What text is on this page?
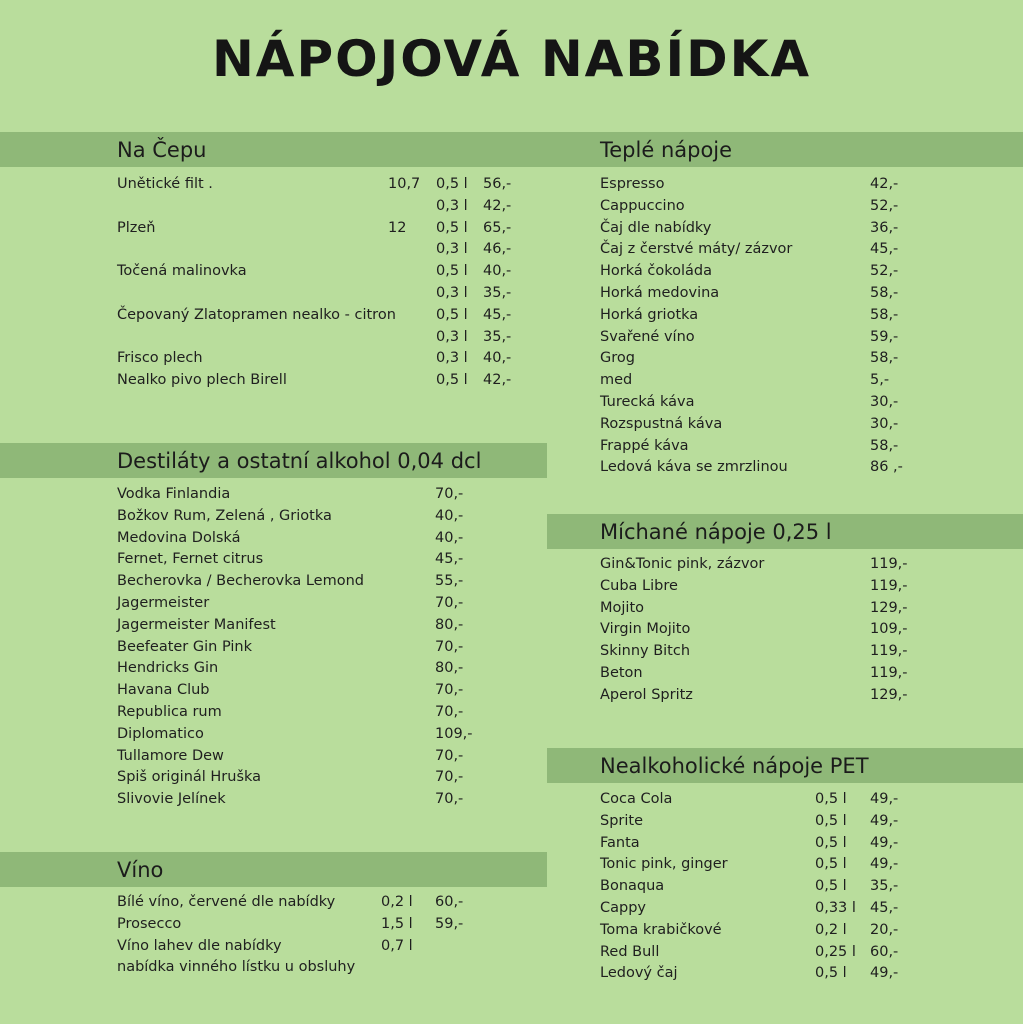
NÁPOJOVÁ NABÍDKA
Na Čepu	Teplé nápoje
Destiláty a ostatní alkohol 0,04 dcl
Míchané nápoje 0,25 l
Nealkoholické nápoje PET
Víno
Unětické filt .	10,7 0,5 l 56,-
0,3 l 42,-
Plzeň	12 0,5 l 65,-
0,3 l 46,-
Točená malinovka	0,5 l 40,-
0,3 l 35,-
Čepovaný Zlatopramen nealko - citron	0,5 l 45,-
0,3 l 35,-
Frisco plech	0,3 l 40,-
Nealko pivo plech Birell	0,5 l 42,-
Vodka Finlandia	70,-
Božkov Rum, Zelená , Griotka	40,-
Medovina Dolská	40,-
Fernet, Fernet citrus	45,-
Becherovka / Becherovka Lemond	55,-
Jagermeister	70,-
Jagermeister Manifest	80,-
Beefeater Gin Pink	70,-
Hendricks Gin	80,-
Havana Club	70,-
Republica rum	70,-
Diplomatico	109,-
Tullamore Dew	70,-
Spiš originál Hruška	70,-
Slivovie Jelínek	70,-
Bílé víno, červené dle nabídky	0,2 l 60,-
Prosecco	1,5 l 59,-
Víno lahev dle nabídky	0,7 l
nabídka vinného lístku u obsluhy
Espresso	42,-
Cappuccino	52,-
Čaj dle nabídky	36,-
Čaj z čerstvé máty/ zázvor	45,-
Horká čokoláda	52,-
Horká medovina	58,-
Horká griotka	58,-
Svařené víno	59,-
Grog	58,-
med	5,-
Turecká káva	30,-
Rozspustná káva	30,-
Frappé káva	58,-
Ledová káva se zmrzlinou	86 ,-
Gin&Tonic pink, zázvor	119,-
Cuba Libre	119,-
Mojito	129,-
Virgin Mojito	109,-
Skinny Bitch	119,-
Beton	119,-
Aperol Spritz	129,-
Coca Cola	0,5 l 49,-
Sprite	0,5 l 49,-
Fanta	0,5 l 49,-
Tonic pink, ginger	0,5 l 49,-
Bonaqua	0,5 l 35,-
Cappy	0,33 l 45,-
Toma krabičkové	0,2 l 20,-
Red Bull	0,25 l 60,-
Ledový čaj	0,5 l 49,-
